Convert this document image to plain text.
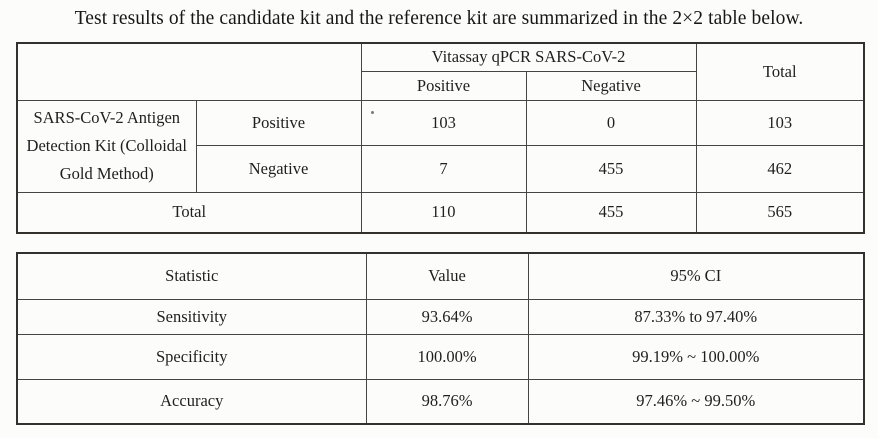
Test results of the candidate kit and the reference kit are summarized in the 2×2 table below.
		Vitassay qPCR SARS-CoV-2		Total
		Positive	Negative	

SARS-CoV-2 Antigen
Detection Kit (Colloidal
Gold Method)	Positive	103	0	103
	Negative	7	455	462
Total		110	455	565
Statistic	Value	95% CI
Sensitivity	93.64%	87.33% to 97.40%
Specificity	100.00%	99.19% ~ 100.00%
Accuracy	98.76%	97.46% ~ 99.50%
